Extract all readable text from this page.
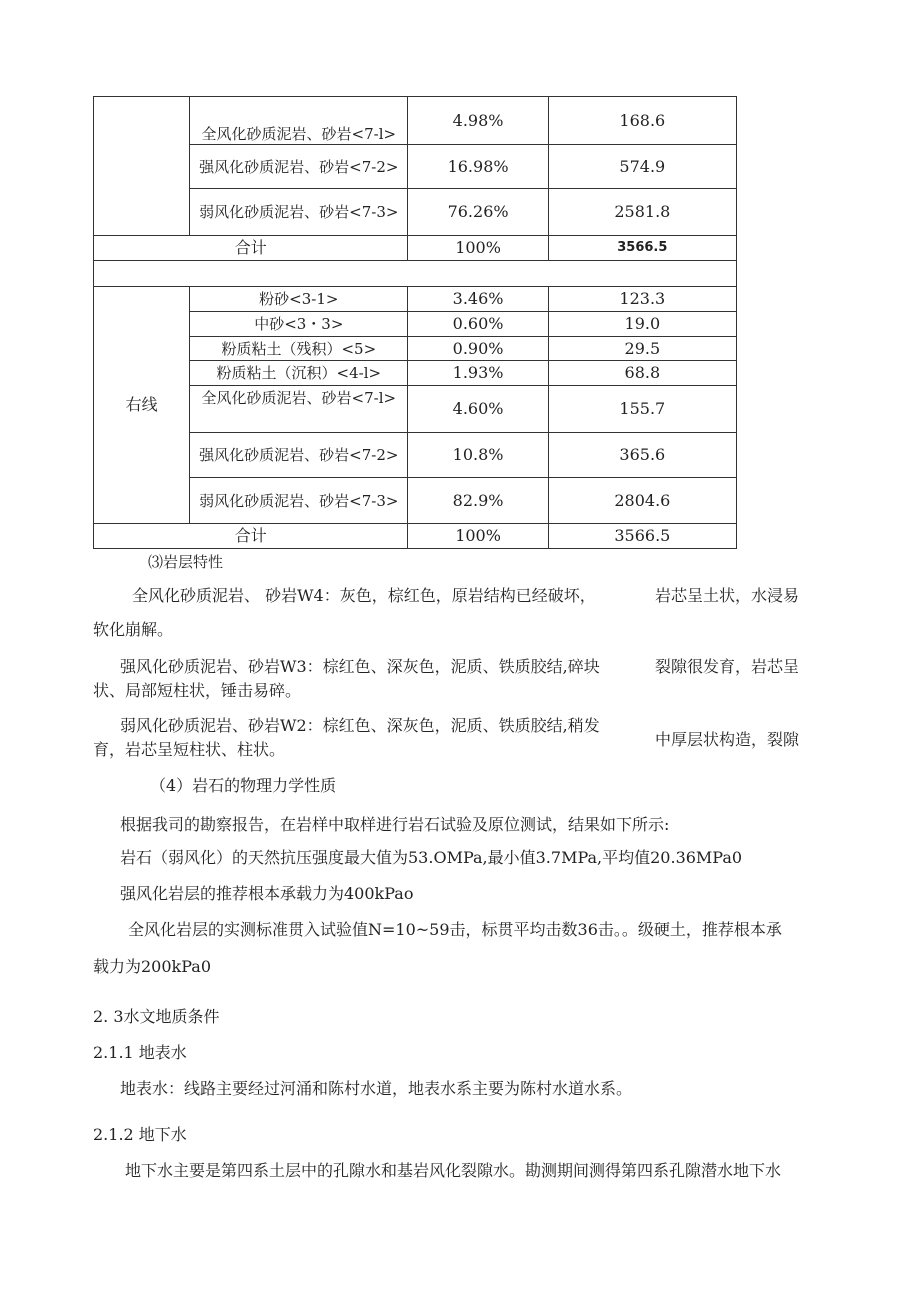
	全风化砂质泥岩、砂岩<7-l>	4.98%	168.6
	强风化砂质泥岩、砂岩<7-2>	16.98%	574.9
	弱风化砂质泥岩、砂岩<7-3>	76.26%	2581.8
合计		100%	3566.5

右线	粉砂<3-1>	3.46%	123.3
	中砂<3・3>	0.60%	19.0
	粉质粘土（残积）<5>	0.90%	29.5
	粉质粘土（沉积）<4-l>	1.93%	68.8
	全风化砂质泥岩、砂岩<7-l>	4.60%	155.7
	强风化砂质泥岩、砂岩<7-2>	10.8%	365.6
	弱风化砂质泥岩、砂岩<7-3>	82.9%	2804.6
合计		100%	3566.5
⑶岩层特性
全风化砂质泥岩、 砂岩W4：灰色，棕红色，原岩结构已经破坏，	岩芯呈土状，水浸易
软化崩解。
强风化砂质泥岩、砂岩W3：棕红色、深灰色，泥质、铁质胶结,碎块	裂隙很发育，岩芯呈
状、局部短柱状，锤击易碎。
弱风化砂质泥岩、砂岩W2：棕红色、深灰色，泥质、铁质胶结,稍发
中厚层状构造，裂隙
育，岩芯呈短柱状、柱状。
（4）岩石的物理力学性质
根据我司的勘察报告，在岩样中取样进行岩石试验及原位测试，结果如下所示:
岩石（弱风化）的天然抗压强度最大值为53.OMPa,最小值3.7MPa,平均值20.36MPa0
强风化岩层的推荐根本承载力为400kPao
全风化岩层的实测标准贯入试验值N=10~59击，标贯平均击数36击。。级硬土，推荐根本承
载力为200kPa0
2. 3水文地质条件
2.1.1 地表水
地表水：线路主要经过河涌和陈村水道，地表水系主要为陈村水道水系。
2.1.2 地下水
地下水主要是第四系土层中的孔隙水和基岩风化裂隙水。勘测期间测得第四系孔隙潜水地下水
